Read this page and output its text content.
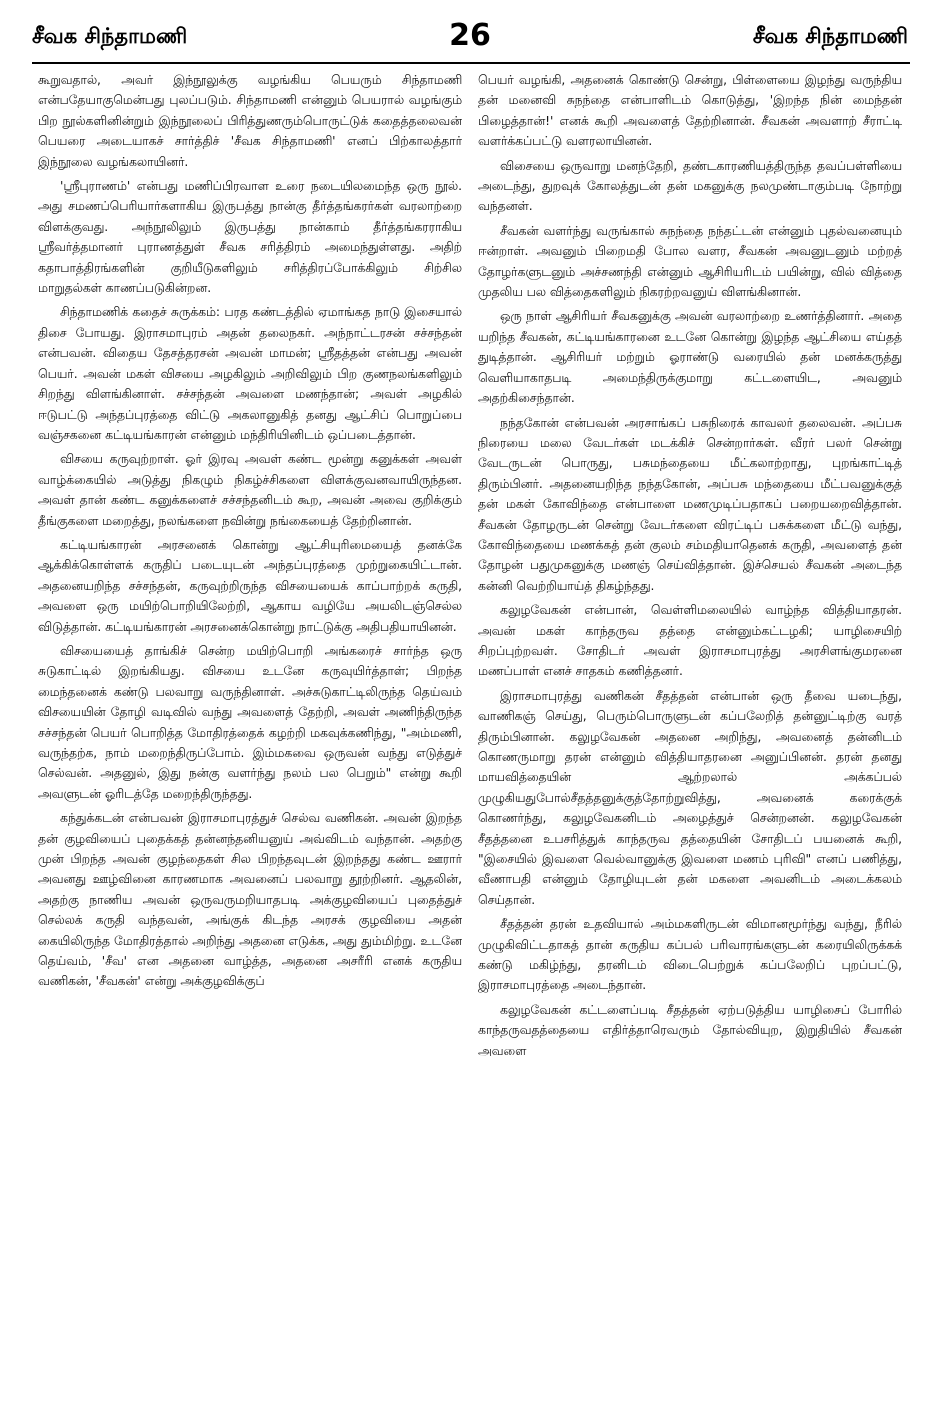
சீவக சிந்தாமணி	26	சீவக சிந்தாமணி

கூறுவதால், அவர் இந்நூலுக்கு வழங்கிய பெயரும் சிந்தாமணி என்பதேயாகுமென்பது புலப்படும். சிந்தாமணி என்னும் பெயரால் வழங்கும் பிற நூல்களினின்றும் இந்நூலைப் பிரித்துணரும்பொருட்டுக் கதைத்தலைவன் பெயரை அடையாகச் சார்த்திச் 'சீவக சிந்தாமணி' எனப் பிற்காலத்தார் இந்நூலை வழங்கலாயினர்.

'ஸ்ரீபுராணம்' என்பது மணிப்பிரவாள உரை நடையிலமைந்த ஒரு நூல். அது சமணப்பெரியார்களாகிய இருபத்து நான்கு தீர்த்தங்கரர்கள் வரலாற்றை விளக்குவது. அந்நூலிலும் இருபத்து நான்காம் தீர்த்தங்கரராகிய ஸ்ரீவர்த்தமானர் புராணத்துள் சீவக சரித்திரம் அமைந்துள்ளது. அதிற் கதாபாத்திரங்களின் குறியீடுகளிலும் சரித்திரப்போக்கிலும் சிற்சில மாறுதல்கள் காணப்படுகின்றன.

சிந்தாமணிக் கதைச் சுருக்கம்: பரத கண்டத்தில் ஏமாங்கத நாடு இசையால் திசை போயது. இராசமாபுரம் அதன் தலைநகர். அந்நாட்டரசன் சச்சந்தன் என்பவன். விதைய தேசத்தரசன் அவன் மாமன்; ஸ்ரீதத்தன் என்பது அவன் பெயர். அவன் மகள் விசயை அழகிலும் அறிவிலும் பிற குணநலங்களிலும் சிறந்து விளங்கினாள். சச்சந்தன் அவளை மணந்தான்; அவள் அழகில் ஈடுபட்டு அந்தப்புரத்தை விட்டு அகலானுகித் தனது ஆட்சிப் பொறுப்பை வஞ்சகனை கட்டியங்காரன் என்னும் மந்திரியினிடம் ஒப்படைத்தான்.

விசயை கருவுற்றாள். ஓர் இரவு அவள் கண்ட மூன்று கனுக்கள் அவள் வாழ்க்கையில் அடுத்து நிகழும் நிகழ்ச்சிகளை விளக்குவனவாயிருந்தன. அவள் தான் கண்ட கனுக்களைச் சச்சந்தனிடம் கூற, அவன் அவை குறிக்கும் தீங்குகளை மறைத்து, நலங்களை நவின்று நங்கையைத் தேற்றினான்.

கட்டியங்காரன் அரசனைக் கொன்று ஆட்சியுரிமையைத் தனக்கே ஆக்கிக்கொள்ளக் கருதிப் படையுடன் அந்தப்புரத்தை முற்றுகையிட்டான். அதனையறிந்த சச்சந்தன், கருவுற்றிருந்த விசயையைக் காப்பாற்றக் கருதி, அவளை ஒரு மயிற்பொறியிலேற்றி, ஆகாய வழியே அயலிடஞ்செல்ல விடுத்தான். கட்டியங்காரன் அரசனைக்கொன்று நாட்டுக்கு அதிபதியாயினன்.

விசயையைத் தாங்கிச் சென்ற மயிற்பொறி அங்கரைச் சார்ந்த ஒரு சுடுகாட்டில் இறங்கியது. விசயை உடனே கருவுயிர்த்தாள்; பிறந்த மைந்தனைக் கண்டு பலவாறு வருந்தினாள். அச்சுடுகாட்டிலிருந்த தெய்வம் விசயையின் தோழி வடிவில் வந்து அவளைத் தேற்றி, அவள் அணிந்திருந்த சச்சந்தன் பெயர் பொறித்த மோதிரத்தைக் கழற்றி மகவுக்கணிந்து, "அம்மணி, வருந்தற்க, நாம் மறைந்திருப்போம். இம்மகவை ஒருவன் வந்து எடுத்துச் செல்வன். அதனுல், இது நன்கு வளர்ந்து நலம் பல பெறும்" என்று கூறி அவளுடன் ஓரிடத்தே மறைந்திருந்தது.

கந்துக்கடன் என்பவன் இராசமாபுரத்துச் செல்வ வணிகன். அவன் இறந்த தன் குழவியைப் புதைக்கத் தன்னந்தனியனுய் அவ்விடம் வந்தான். அதற்கு முன் பிறந்த அவன் குழந்தைகள் சில பிறந்தவுடன் இறந்தது கண்ட ஊரார் அவனது ஊழ்வினை காரணமாக அவனைப் பலவாறு தூற்றினர். ஆதலின், அதற்கு நாணிய அவன் ஒருவருமறியாதபடி அக்குழவியைப் புதைத்துச் செல்லக் கருதி வந்தவன், அங்குக் கிடந்த அரசக் குழவியை அதன் கையிலிருந்த மோதிரத்தால் அறிந்து அதனை எடுக்க, அது தும்மிற்று. உடனே தெய்வம், 'சீவ' என அதனை வாழ்த்த, அதனை அசரீரி எனக் கருதிய வணிகன், 'சீவகன்' என்று அக்குழவிக்குப்

பெயர் வழங்கி, அதனைக் கொண்டு சென்று, பிள்ளையை இழந்து வருந்திய தன் மனைவி சுநந்தை என்பாளிடம் கொடுத்து, 'இறந்த நின் மைந்தன் பிழைத்தான்!' எனக் கூறி அவளைத் தேற்றினான். சீவகன் அவளாற் சீராட்டி வளர்க்கப்பட்டு வளரலாயினன்.

விசையை ஒருவாறு மனந்தேறி, தண்டகாரணியத்திருந்த தவப்பள்ளியை அடைந்து, துறவுக் கோலத்துடன் தன் மகனுக்கு நலமுண்டாகும்படி நோற்று வந்தனள்.

சீவகன் வளர்ந்து வருங்கால் சுநந்தை நந்தட்டன் என்னும் புதல்வனையும் ஈன்றாள். அவனும் பிறைமதி போல வளர, சீவகன் அவனுடனும் மற்றத் தோழர்களுடனும் அச்சணந்தி என்னும் ஆசிரியரிடம் பயின்று, வில் வித்தை முதலிய பல வித்தைகளிலும் நிகரற்றவனுய் விளங்கினான்.

ஒரு நாள் ஆசிரியர் சீவகனுக்கு அவன் வரலாற்றை உணர்த்தினார். அதை யறிந்த சீவகன், கட்டியங்காரனை உடனே கொன்று இழந்த ஆட்சியை எய்தத் துடித்தான். ஆசிரியர் மற்றும் ஓராண்டு வரையில் தன் மனக்கருத்து வெளியாகாதபடி அமைந்திருக்குமாறு கட்டளையிட, அவனும் அதற்கிசைந்தான்.

நந்தகோன் என்பவன் அரசாங்கப் பசுநிரைக் காவலர் தலைவன். அப்பசு நிரையை மலை வேடர்கள் மடக்கிச் சென்றார்கள். வீரர் பலர் சென்று வேடருடன் பொருது, பசுமந்தையை மீட்கலாற்றாது, புறங்காட்டித் திரும்பினர். அதனையறிந்த நந்தகோன், அப்பசு மந்தையை மீட்பவனுக்குத் தன் மகள் கோவிந்தை என்பாளை மணமுடிப்பதாகப் பறையறைவித்தான். சீவகன் தோழருடன் சென்று வேடர்களை விரட்டிப் பசுக்களை மீட்டு வந்து, கோவிந்தையை மணக்கத் தன் குலம் சம்மதியாதெனக் கருதி, அவளைத் தன் தோழன் பதுமுகனுக்கு மணஞ் செய்வித்தான். இச்செயல் சீவகன் அடைந்த கன்னி வெற்றியாய்த் திகழ்ந்தது.

கலுழவேகன் என்பான், வெள்ளிமலையில் வாழ்ந்த வித்தியாதரன். அவன் மகள் காந்தருவ தத்தை என்னும்கட்டழகி; யாழிசையிற் சிறப்புற்றவள். சோதிடர் அவள் இராசமாபுரத்து அரசிளங்குமரனை மணப்பாள் எனச் சாதகம் கணித்தனர்.

இராசமாபுரத்து வணிகன் சீதத்தன் என்பான் ஒரு தீவை யடைந்து, வாணிகஞ் செய்து, பெரும்பொருளுடன் கப்பலேறித் தன்னுட்டிற்கு வரத் திரும்பினான். கலுழவேகன் அதனை அறிந்து, அவனைத் தன்னிடம் கொணருமாறு தரன் என்னும் வித்தியாதரனை அனுப்பினன். தரன் தனது மாயவித்தையின் ஆற்றலால் அக்கப்பல் முழுகியதுபோல்சீதத்தனுக்குத்தோற்றுவித்து, அவனைக் கரைக்குக் கொணர்ந்து, கலுழவேகனிடம் அழைத்துச் சென்றனன். கலுழவேகன் சீதத்தனை உபசரித்துக் காந்தருவ தத்தையின் சோதிடப் பயனைக் கூறி, "இசையில் இவளை வெல்வானுக்கு இவளை மணம் புரிவி" எனப் பணித்து, வீணாபதி என்னும் தோழியுடன் தன் மகளை அவனிடம் அடைக்கலம் செய்தான்.

சீதத்தன் தரன் உதவியால் அம்மகளிருடன் விமானமூர்ந்து வந்து, நீரில் முழுகிவிட்டதாகத் தான் கருதிய கப்பல் பரிவாரங்களுடன் கரையிலிருக்கக் கண்டு மகிழ்ந்து, தரனிடம் விடைபெற்றுக் கப்பலேறிப் புறப்பட்டு, இராசமாபுரத்தை அடைந்தான்.

கலுழவேகன் கட்டளைப்படி சீதத்தன் ஏற்படுத்திய யாழிசைப் போரில் காந்தருவதத்தையை எதிர்த்தாரெவரும் தோல்வியுற, இறுதியில் சீவகன் அவளை
